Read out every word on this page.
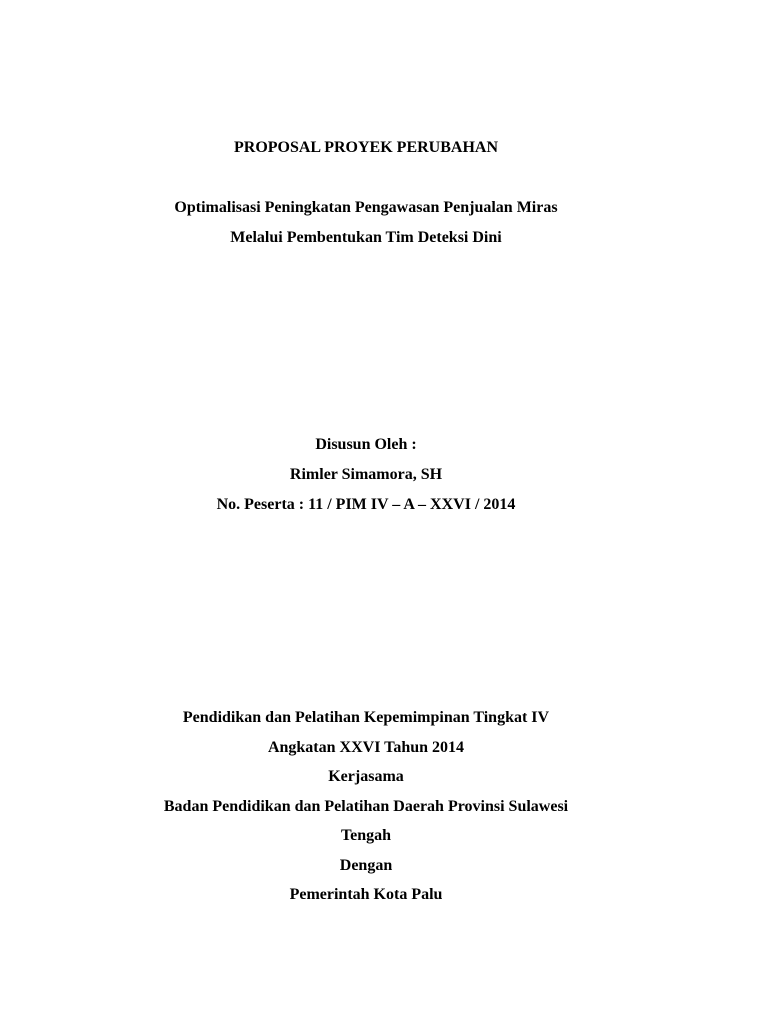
PROPOSAL PROYEK PERUBAHAN

Optimalisasi Peningkatan Pengawasan Penjualan Miras

Melalui Pembentukan Tim Deteksi Dini

Disusun Oleh :

Rimler Simamora, SH

No. Peserta : 11 / PIM IV – A – XXVI / 2014

Pendidikan dan Pelatihan Kepemimpinan Tingkat IV

Angkatan XXVI Tahun 2014

Kerjasama

Badan Pendidikan dan Pelatihan Daerah Provinsi Sulawesi

Tengah

Dengan

Pemerintah Kota Palu
